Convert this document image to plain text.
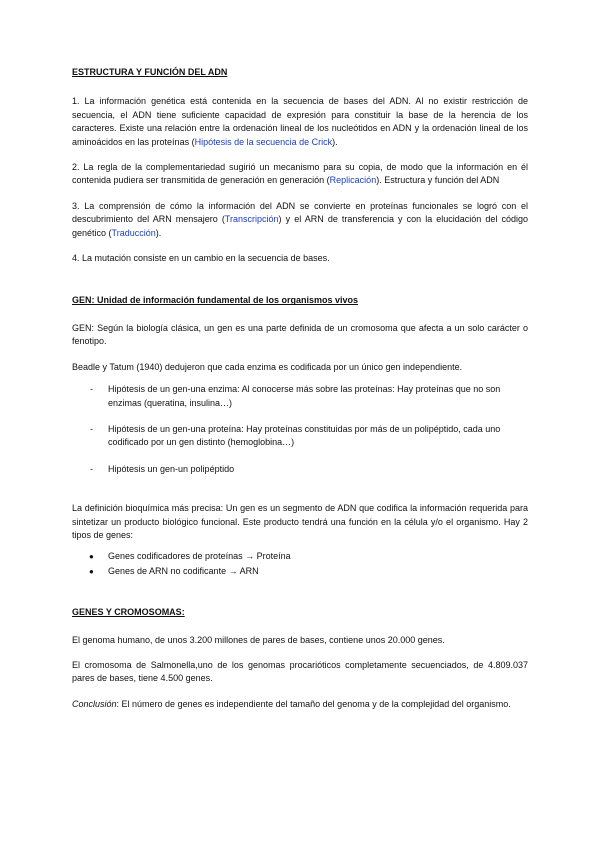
ESTRUCTURA Y FUNCIÓN DEL ADN

1. La información genética está contenida en la secuencia de bases del ADN. Al no existir restricción de secuencia, el ADN tiene suficiente capacidad de expresión para constituir la base de la herencia de los caracteres. Existe una relación entre la ordenación lineal de los nucleótidos en ADN y la ordenación lineal de los aminoácidos en las proteínas (Hipótesis de la secuencia de Crick).

2. La regla de la complementariedad sugirió un mecanismo para su copia, de modo que la información en él contenida pudiera ser transmitida de generación en generación (Replicación). Estructura y función del ADN

3. La comprensión de cómo la información del ADN se convierte en proteínas funcionales se logró con el descubrimiento del ARN mensajero (Transcripción) y el ARN de transferencia y con la elucidación del código genético (Traducción).

4. La mutación consiste en un cambio en la secuencia de bases.

GEN: Unidad de información fundamental de los organismos vivos

GEN: Según la biología clásica, un gen es una parte definida de un cromosoma que afecta a un solo carácter o fenotipo.

Beadle y Tatum (1940) dedujeron que cada enzima es codificada por un único gen independiente.

- Hipótesis de un gen-una enzima: Al conocerse más sobre las proteínas: Hay proteínas que no son enzimas (queratina, insulina…)
- Hipótesis de un gen-una proteína: Hay proteínas constituidas por más de un polipéptido, cada uno codificado por un gen distinto (hemoglobina…)
- Hipótesis un gen-un polipéptido

La definición bioquímica más precisa: Un gen es un segmento de ADN que codifica la información requerida para sintetizar un producto biológico funcional. Este producto tendrá una función en la célula y/o el organismo. Hay 2 tipos de genes:

● Genes codificadores de proteínas → Proteína
● Genes de ARN no codificante → ARN

GENES Y CROMOSOMAS:

El genoma humano, de unos 3.200 millones de pares de bases, contiene unos 20.000 genes.

El cromosoma de Salmonella,uno de los genomas procarióticos completamente secuenciados, de 4.809.037 pares de bases, tiene 4.500 genes.

Conclusión: El número de genes es independiente del tamaño del genoma y de la complejidad del organismo.
